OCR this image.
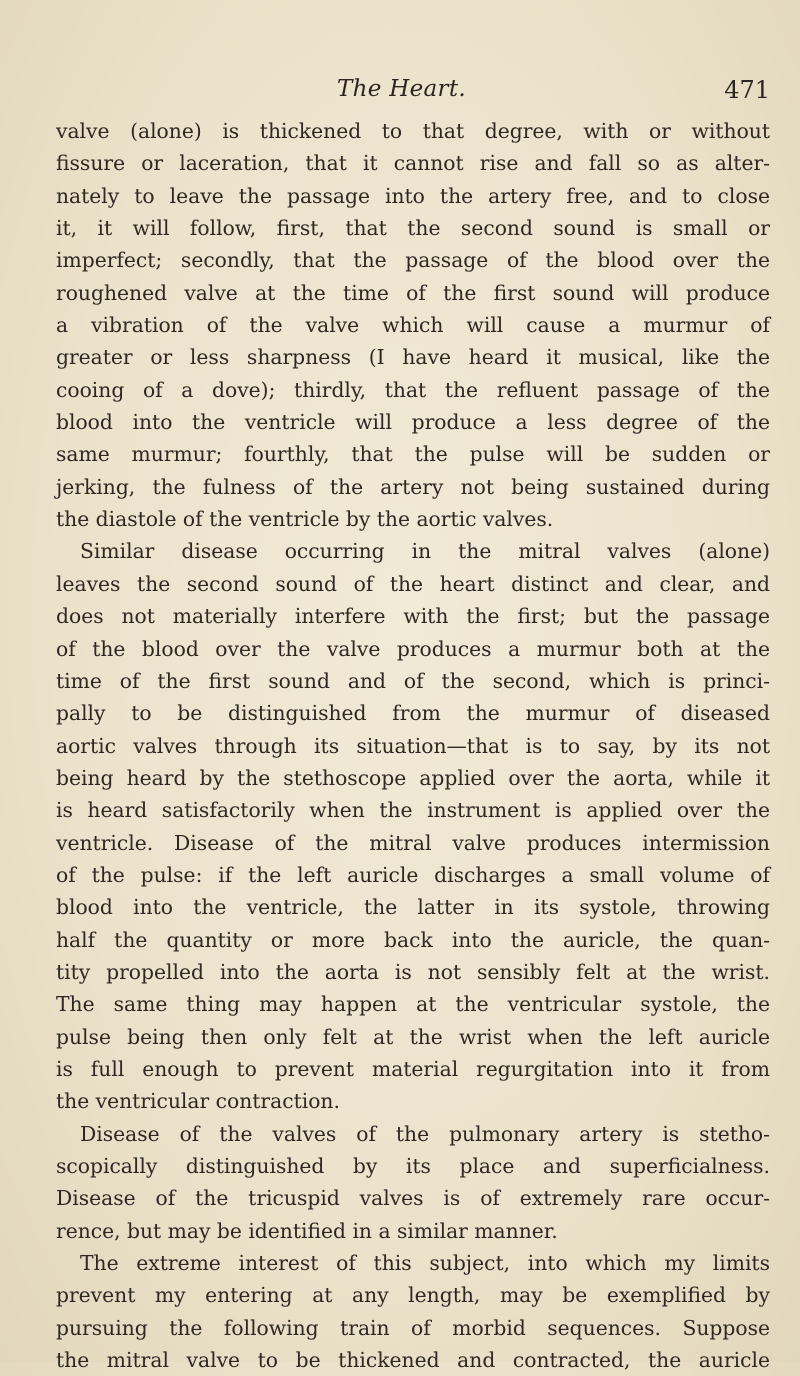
The Heart.	471
valve (alone) is thickened to that degree, with or without
fissure or laceration, that it cannot rise and fall so as alter-
nately to leave the passage into the artery free, and to close
it, it will follow, first, that the second sound is small or
imperfect; secondly, that the passage of the blood over the
roughened valve at the time of the first sound will produce
a vibration of the valve which will cause a murmur of
greater or less sharpness (I have heard it musical, like the
cooing of a dove); thirdly, that the refluent passage of the
blood into the ventricle will produce a less degree of the
same murmur; fourthly, that the pulse will be sudden or
jerking, the fulness of the artery not being sustained during
the diastole of the ventricle by the aortic valves.
Similar disease occurring in the mitral valves (alone)
leaves the second sound of the heart distinct and clear, and
does not materially interfere with the first; but the passage
of the blood over the valve produces a murmur both at the
time of the first sound and of the second, which is princi-
pally to be distinguished from the murmur of diseased
aortic valves through its situation—that is to say, by its not
being heard by the stethoscope applied over the aorta, while it
is heard satisfactorily when the instrument is applied over the
ventricle. Disease of the mitral valve produces intermission
of the pulse: if the left auricle discharges a small volume of
blood into the ventricle, the latter in its systole, throwing
half the quantity or more back into the auricle, the quan-
tity propelled into the aorta is not sensibly felt at the wrist.
The same thing may happen at the ventricular systole, the
pulse being then only felt at the wrist when the left auricle
is full enough to prevent material regurgitation into it from
the ventricular contraction.
Disease of the valves of the pulmonary artery is stetho-
scopically distinguished by its place and superficialness.
Disease of the tricuspid valves is of extremely rare occur-
rence, but may be identified in a similar manner.
The extreme interest of this subject, into which my limits
prevent my entering at any length, may be exemplified by
pursuing the following train of morbid sequences. Suppose
the mitral valve to be thickened and contracted, the auricle
